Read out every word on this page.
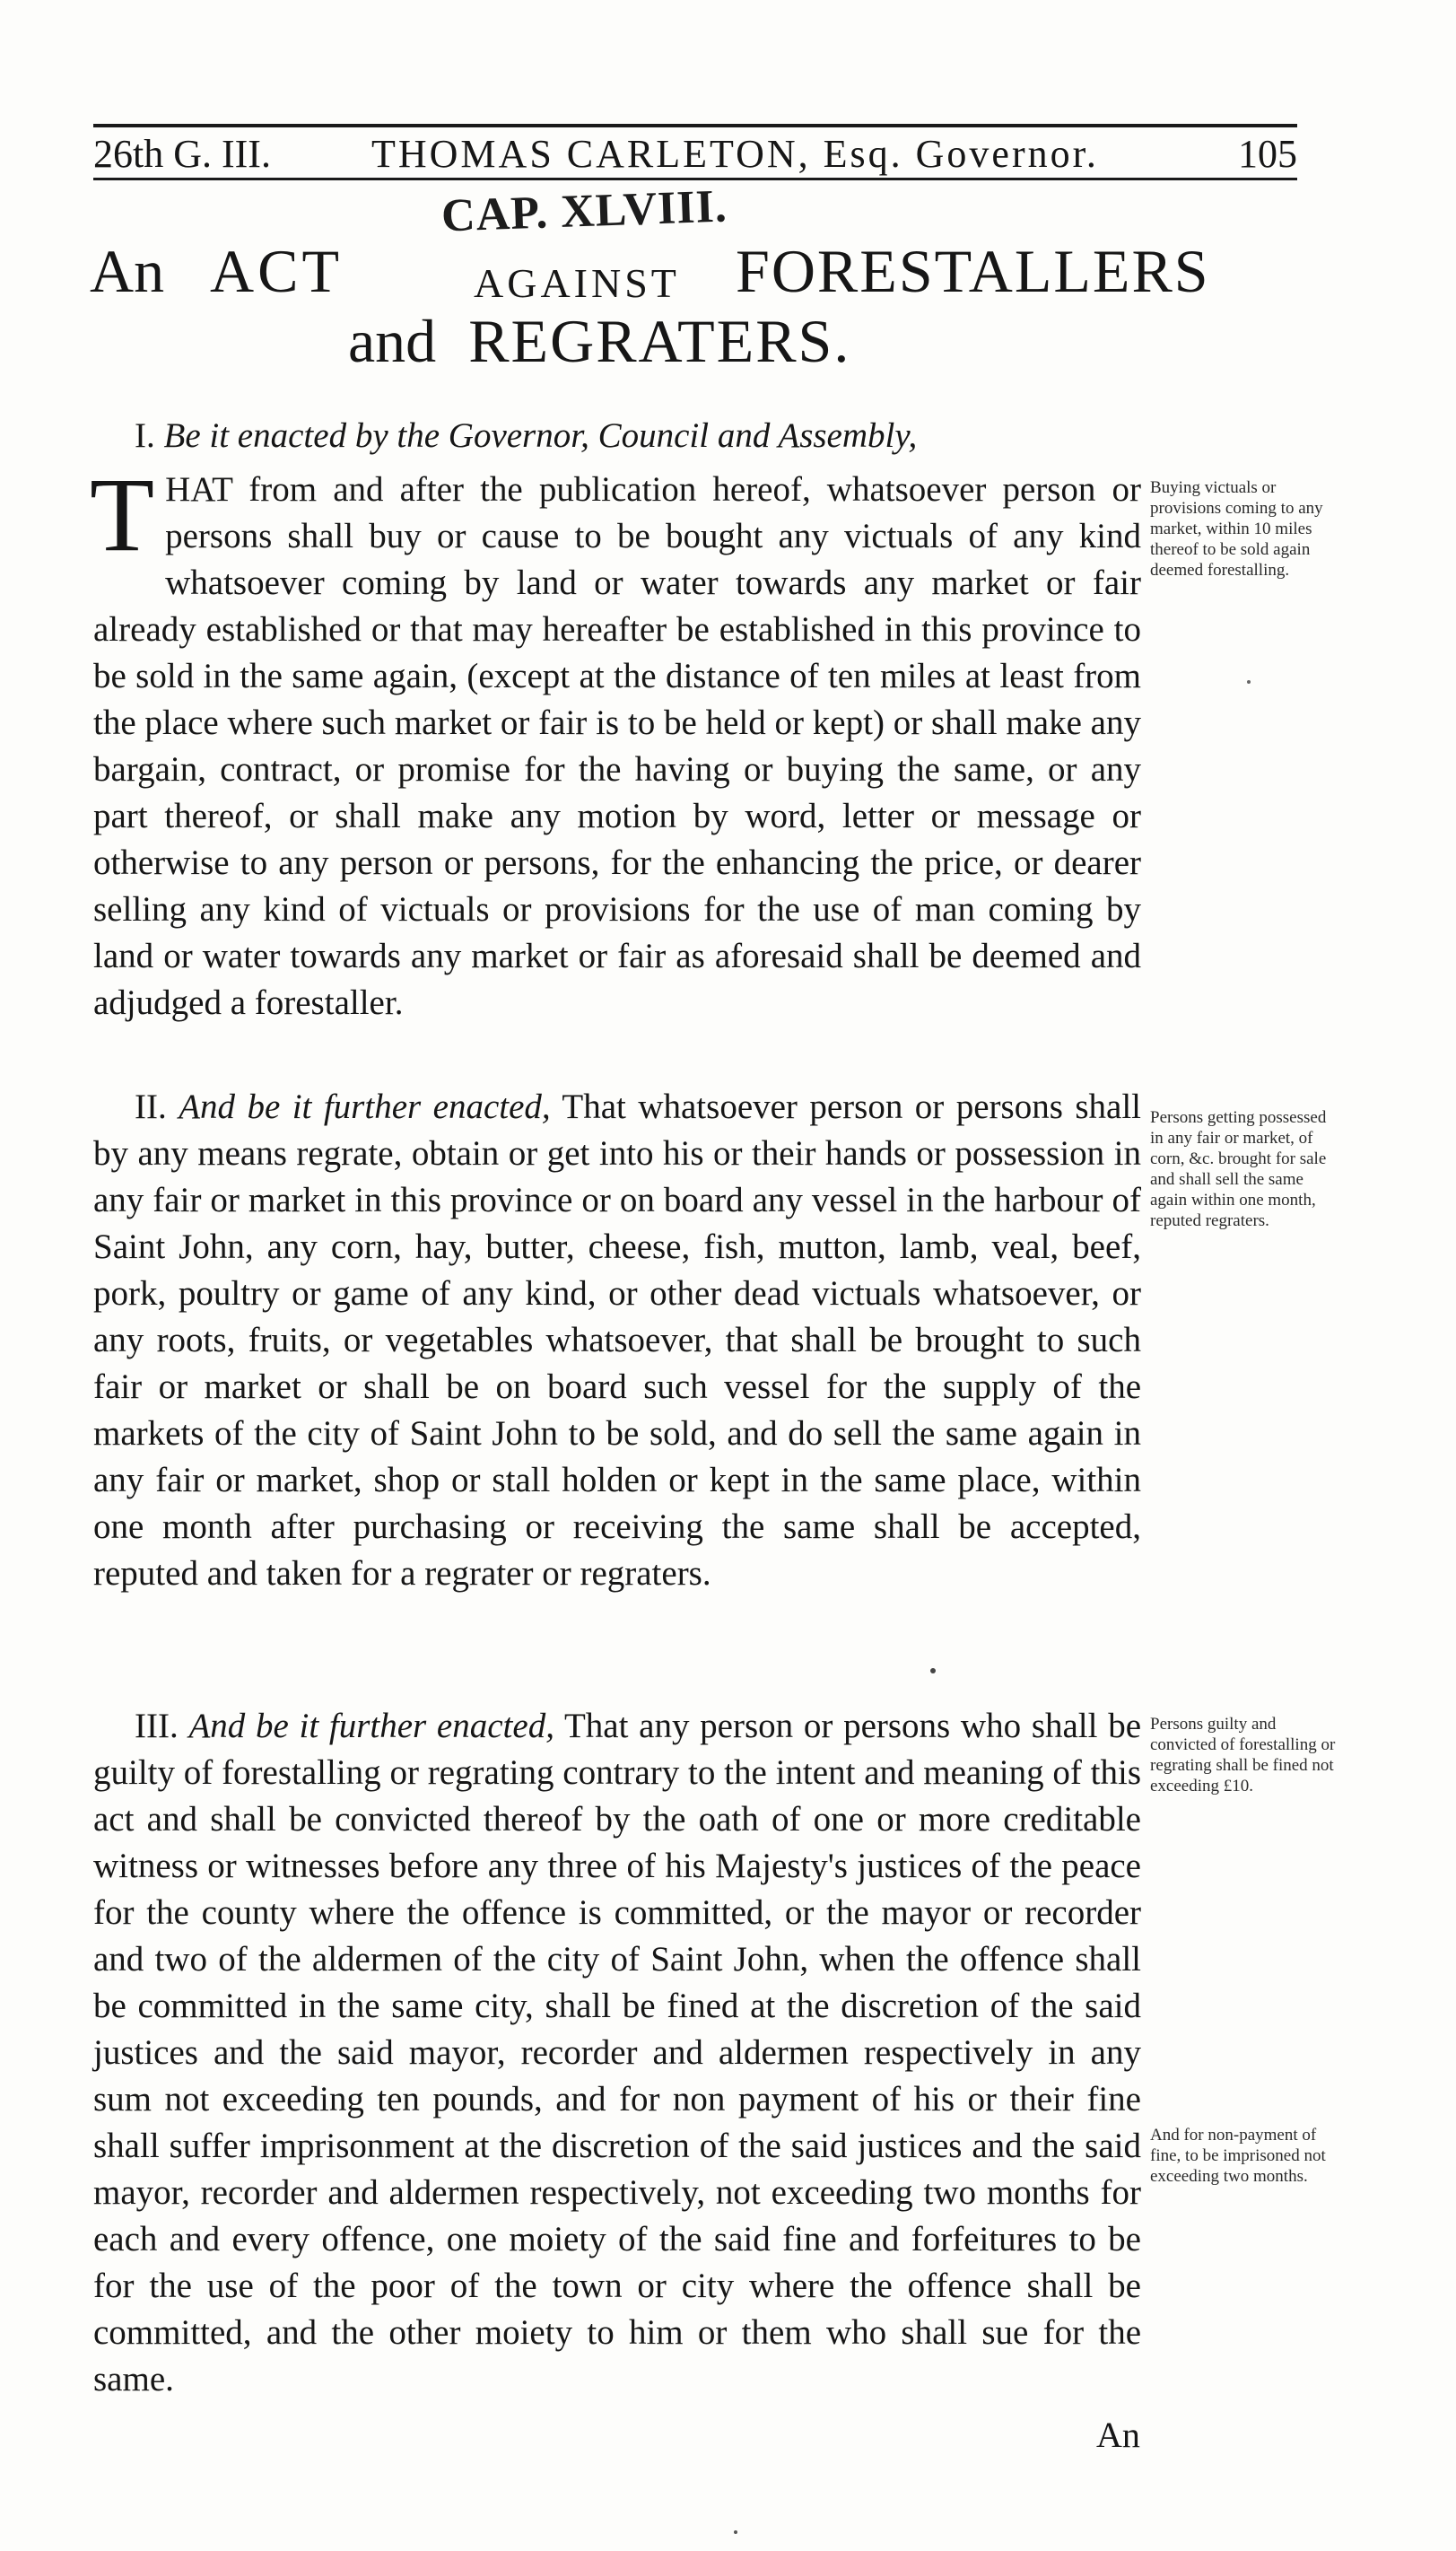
26th G. III.	THOMAS CARLETON, Esq. Governor.	105
CAP. XLVIII.
An ACT	AGAINST FORESTALLERS
and REGRATERS.
I. Be it enacted by the Governor, Council and Assembly,
T HAT from and after the publication hereof, whatsoever person or persons shall buy or cause to be bought any victuals of any kind whatsoever coming by land or water towards any market or fair already established or that may hereafter be established in this province to be sold in the same again, (except at the distance of ten miles at least from the place where such market or fair is to be held or kept) or shall make any bargain, contract, or promise for the having or buying the same, or any part thereof, or shall make any motion by word, letter or message or otherwise to any person or persons, for the enhancing the price, or dearer selling any kind of victuals or provisions for the use of man coming by land or water towards any market or fair as aforesaid shall be deemed and adjudged a forestaller.
II. And be it further enacted, That whatsoever person or persons shall by any means regrate, obtain or get into his or their hands or possession in any fair or market in this province or on board any vessel in the harbour of Saint John, any corn, hay, butter, cheese, fish, mutton, lamb, veal, beef, pork, poultry or game of any kind, or other dead victuals whatsoever, or any roots, fruits, or vegetables whatsoever, that shall be brought to such fair or market or shall be on board such vessel for the supply of the markets of the city of Saint John to be sold, and do sell the same again in any fair or market, shop or stall holden or kept in the same place, within one month after purchasing or receiving the same shall be accepted, reputed and taken for a regrater or regraters.
III. And be it further enacted, That any person or persons who shall be guilty of forestalling or regrating contrary to the intent and meaning of this act and shall be convicted thereof by the oath of one or more creditable witness or witnesses before any three of his Majesty's justices of the peace for the county where the offence is committed, or the mayor or recorder and two of the aldermen of the city of Saint John, when the offence shall be committed in the same city, shall be fined at the discretion of the said justices and the said mayor, recorder and aldermen respectively in any sum not exceeding ten pounds, and for non payment of his or their fine shall suffer imprisonment at the discretion of the said justices and the said mayor, recorder and aldermen respectively, not exceeding two months for each and every offence, one moiety of the said fine and forfeitures to be for the use of the poor of the town or city where the offence shall be committed, and the other moiety to him or them who shall sue for the same.
An
Buying victuals or provisions coming to any market, within 10 miles thereof to be sold again deemed forestalling.
Persons getting possessed in any fair or market, of corn, &c. brought for sale and shall sell the same again within one month, reputed regraters.
Persons guilty and convicted of forestalling or regrating shall be fined not exceeding £10.
And for non-payment of fine, to be imprisoned not exceeding two months.
